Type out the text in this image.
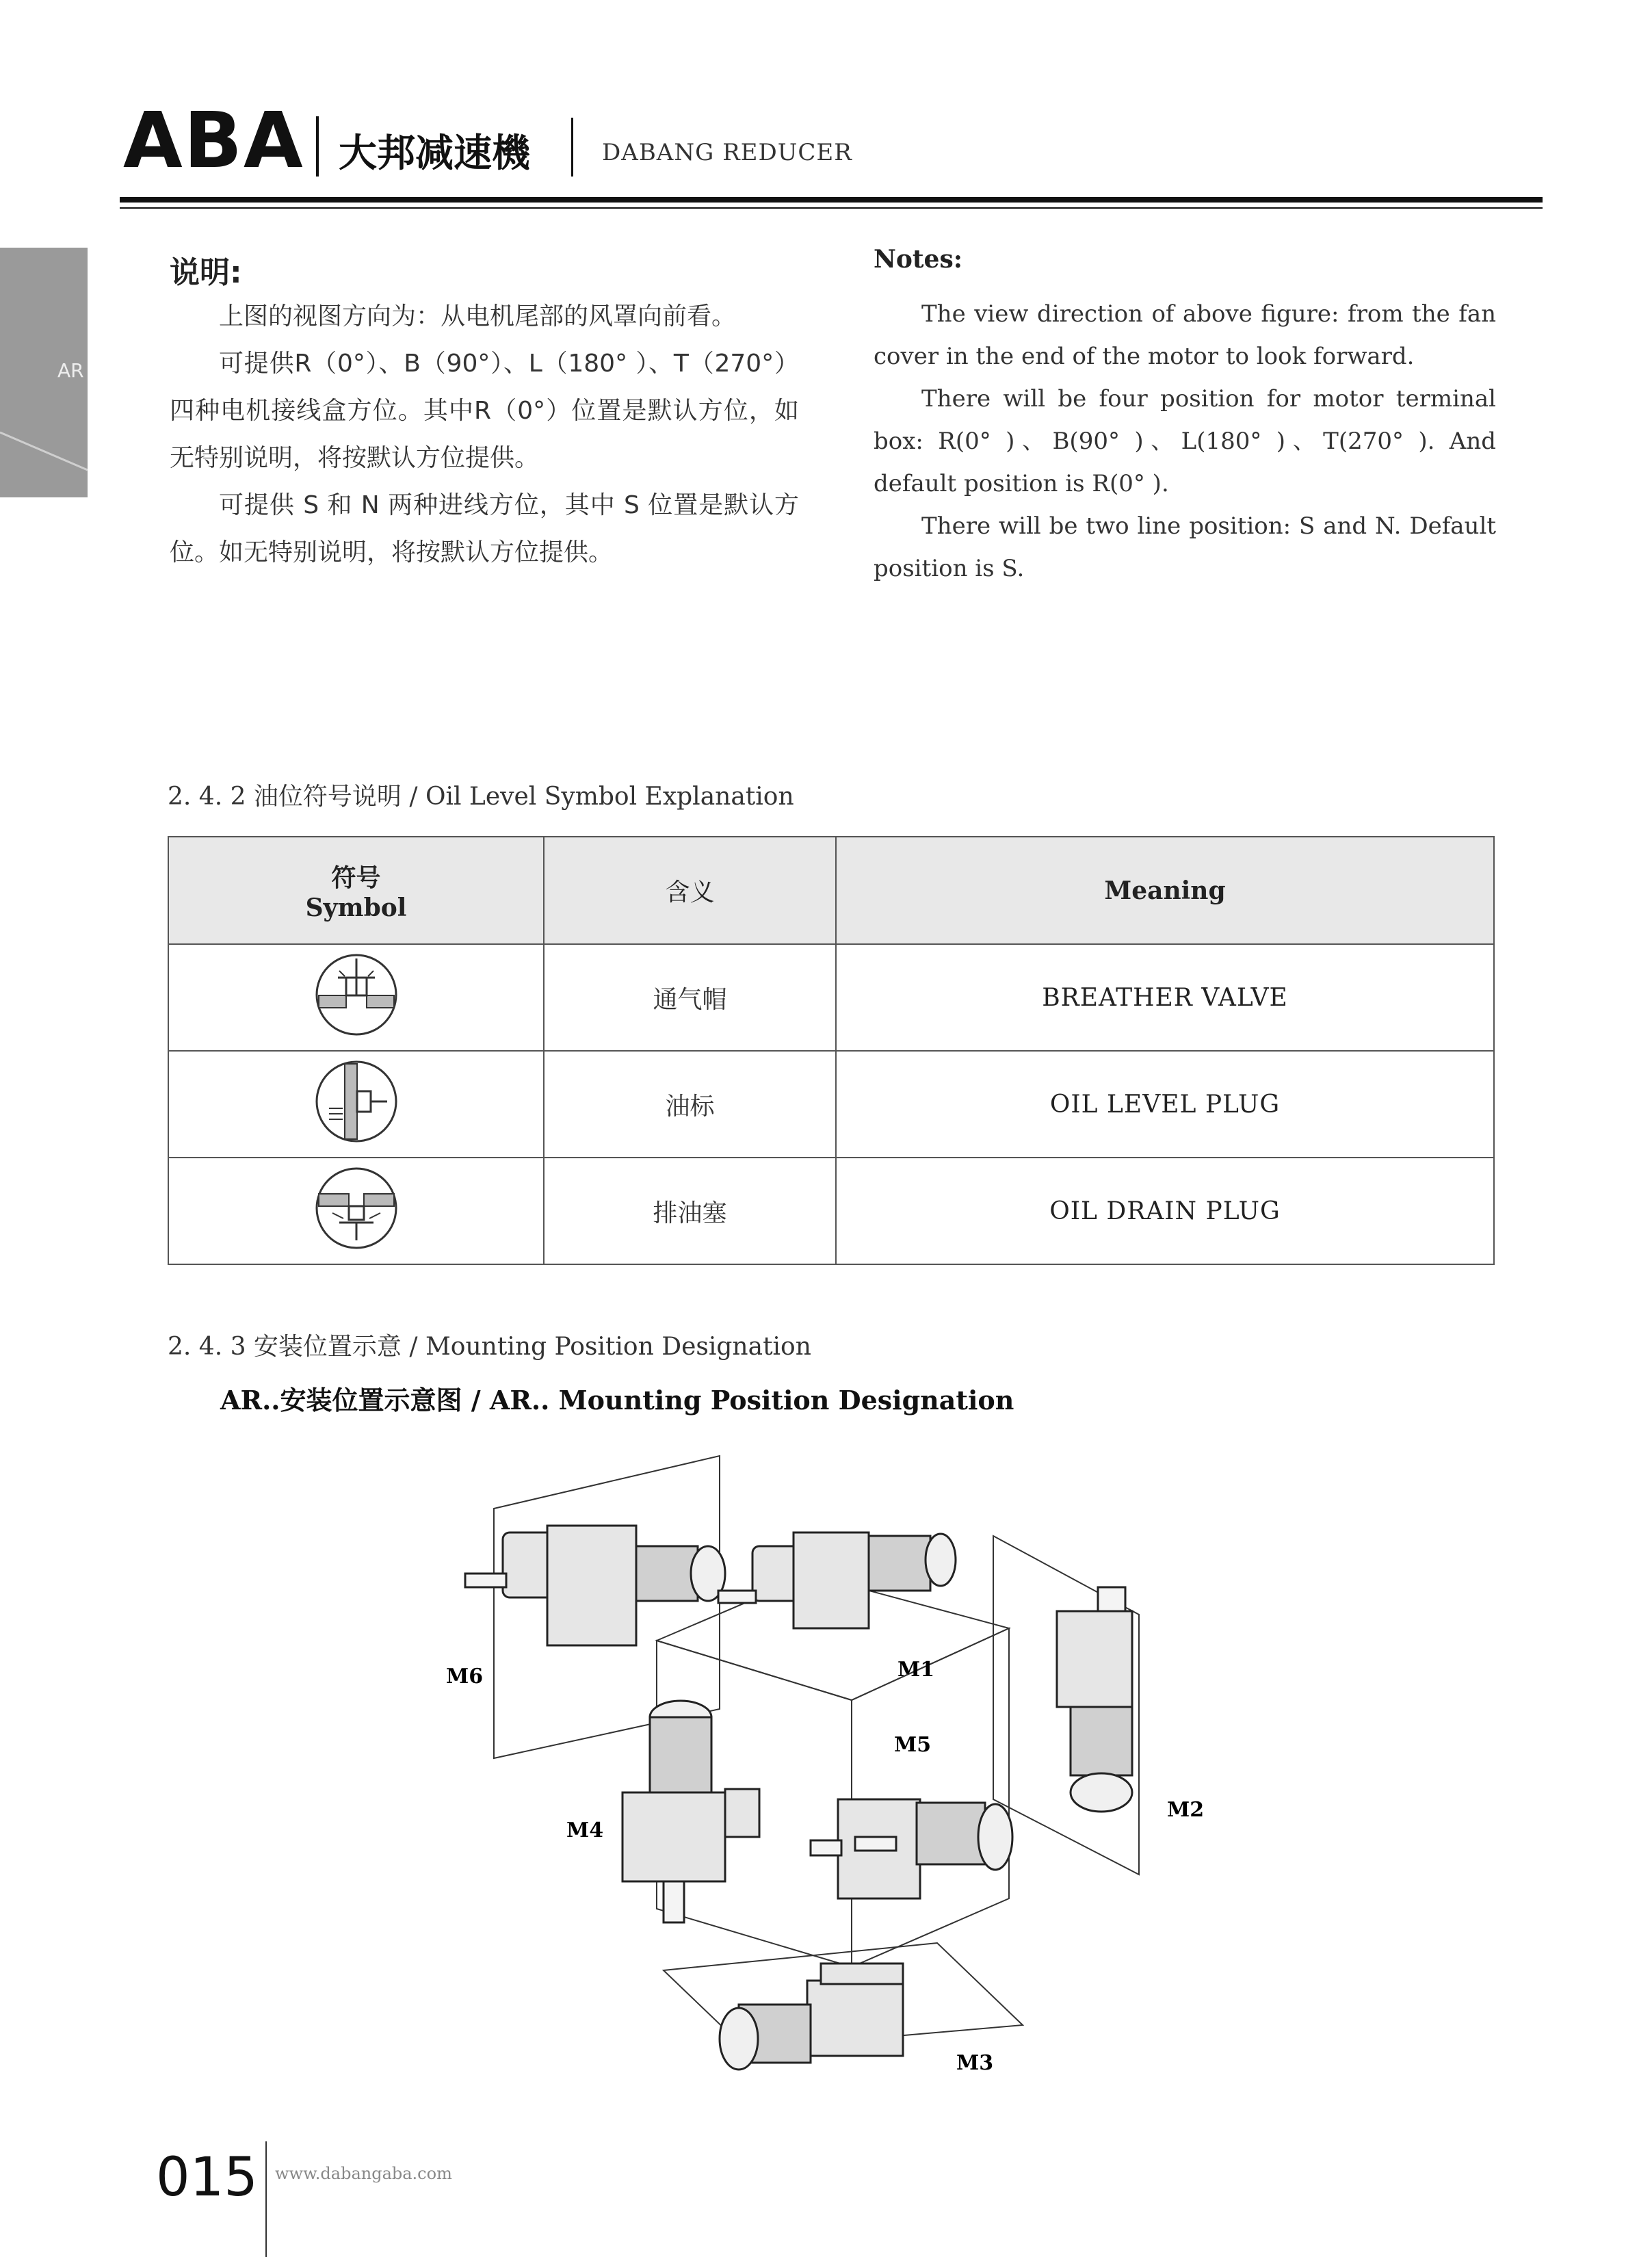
ABA 大邦减速機	DABANG REDUCER
AR
说明:

上图的视图方向为：从电机尾部的风罩向前看。

可提供R（0°）、B（90°）、L（180° ）、T（270°）四种电机接线盒方位。其中R（0°）位置是默认方位，如无特别说明，将按默认方位提供。

可提供 S 和 N 两种进线方位，其中 S 位置是默认方位。如无特别说明，将按默认方位提供。

Notes:

The view direction of above figure: from the fan cover in the end of the motor to look forward.

There will be four position for motor terminal box: R(0° )、B(90° )、L(180° )、T(270° ). And default position is R(0° ).

There will be two line position: S and N. Default position is S.

2. 4. 2 油位符号说明 / Oil Level Symbol Explanation
符号
Symbol	含义	Meaning

	通气帽	BREATHER VALVE
	油标	OIL LEVEL PLUG
	排油塞	OIL DRAIN PLUG
2. 4. 3 安装位置示意 / Mounting Position Designation
AR..安装位置示意图 / AR.. Mounting Position Designation
M1
M2
M3
M4
M5
M6
015 www.dabangaba.com
